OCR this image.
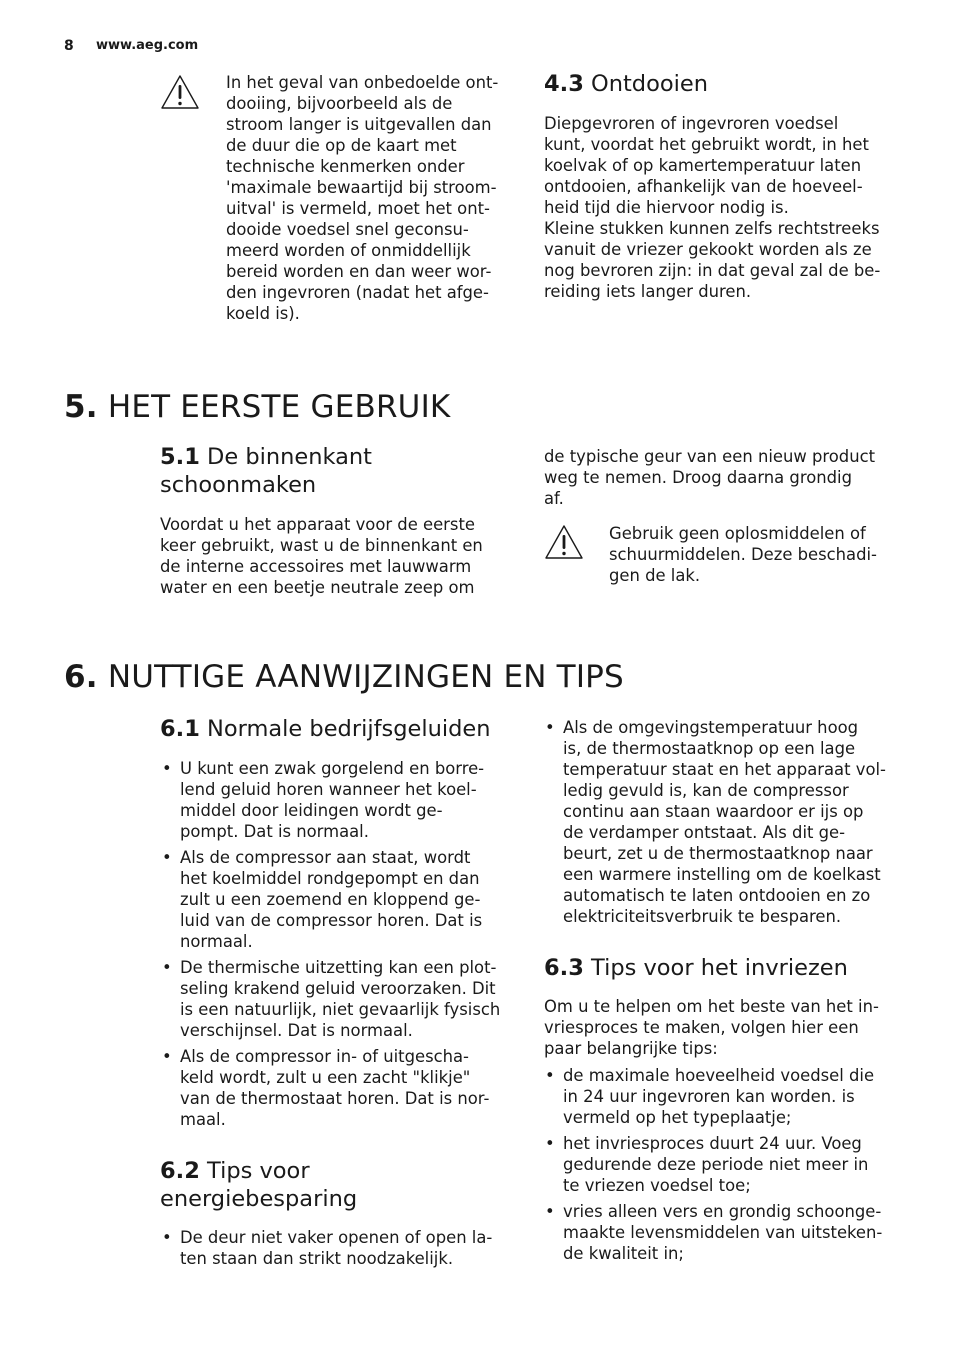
8 www.aeg.com
In het geval van onbedoelde ont-
dooiing, bijvoorbeeld als de
stroom langer is uitgevallen dan
de duur die op de kaart met
technische kenmerken onder
'maximale bewaartijd bij stroom-
uitval' is vermeld, moet het ont-
dooide voedsel snel geconsu-
meerd worden of onmiddellijk
bereid worden en dan weer wor-
den ingevroren (nadat het afge-
koeld is).
4.3 Ontdooien
Diepgevroren of ingevroren voedsel
kunt, voordat het gebruikt wordt, in het
koelvak of op kamertemperatuur laten
ontdooien, afhankelijk van de hoeveel-
heid tijd die hiervoor nodig is.
Kleine stukken kunnen zelfs rechtstreeks
vanuit de vriezer gekookt worden als ze
nog bevroren zijn: in dat geval zal de be-
reiding iets langer duren.
5. HET EERSTE GEBRUIK
5.1 De binnenkant
schoonmaken
Voordat u het apparaat voor de eerste
keer gebruikt, wast u de binnenkant en
de interne accessoires met lauwwarm
water en een beetje neutrale zeep om
de typische geur van een nieuw product
weg te nemen. Droog daarna grondig
af.
Gebruik geen oplosmiddelen of
schuurmiddelen. Deze beschadi-
gen de lak.
6. NUTTIGE AANWIJZINGEN EN TIPS
6.1 Normale bedrijfsgeluiden
• U kunt een zwak gorgelend en borre-
lend geluid horen wanneer het koel-
middel door leidingen wordt ge-
pompt. Dat is normaal.
• Als de compressor aan staat, wordt
het koelmiddel rondgepompt en dan
zult u een zoemend en kloppend ge-
luid van de compressor horen. Dat is
normaal.
• De thermische uitzetting kan een plot-
seling krakend geluid veroorzaken. Dit
is een natuurlijk, niet gevaarlijk fysisch
verschijnsel. Dat is normaal.
• Als de compressor in- of uitgescha-
keld wordt, zult u een zacht "klikje"
van de thermostaat horen. Dat is nor-
maal.
6.2 Tips voor
energiebesparing
• De deur niet vaker openen of open la-
ten staan dan strikt noodzakelijk.
• Als de omgevingstemperatuur hoog
is, de thermostaatknop op een lage
temperatuur staat en het apparaat vol-
ledig gevuld is, kan de compressor
continu aan staan waardoor er ijs op
de verdamper ontstaat. Als dit ge-
beurt, zet u de thermostaatknop naar
een warmere instelling om de koelkast
automatisch te laten ontdooien en zo
elektriciteitsverbruik te besparen.
6.3 Tips voor het invriezen
Om u te helpen om het beste van het in-
vriesproces te maken, volgen hier een
paar belangrijke tips:
• de maximale hoeveelheid voedsel die
in 24 uur ingevroren kan worden. is
vermeld op het typeplaatje;
• het invriesproces duurt 24 uur. Voeg
gedurende deze periode niet meer in
te vriezen voedsel toe;
• vries alleen vers en grondig schoonge-
maakte levensmiddelen van uitsteken-
de kwaliteit in;
